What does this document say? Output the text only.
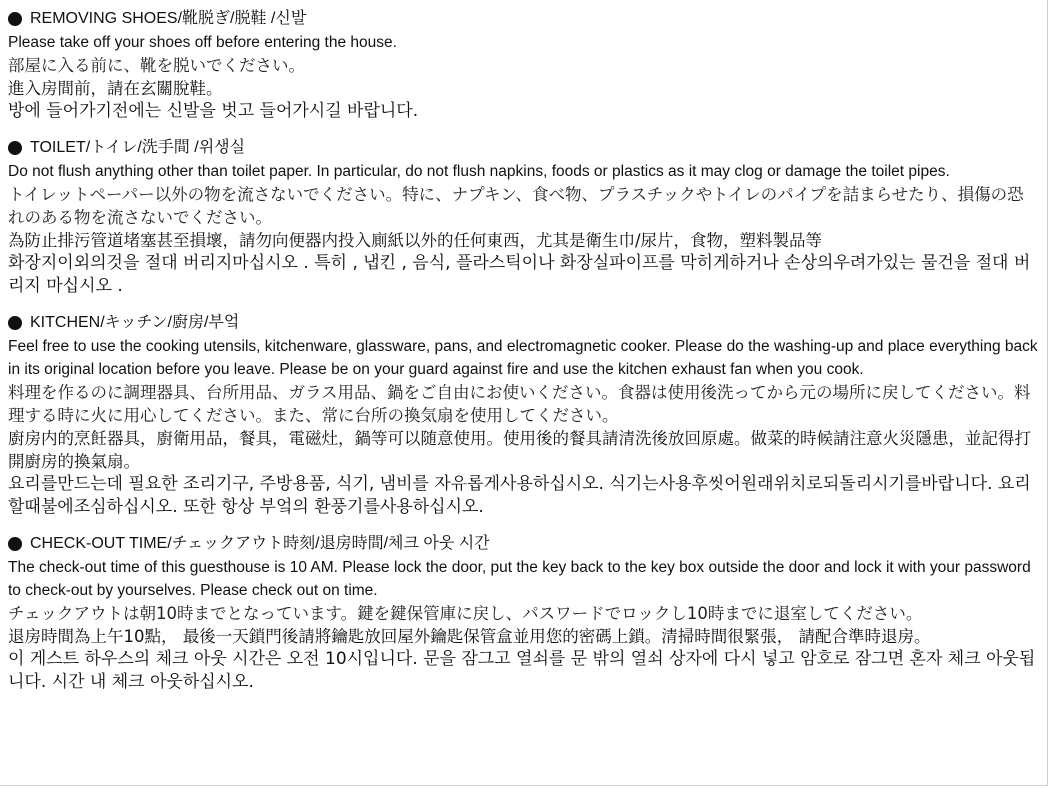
REMOVING SHOES/靴脱ぎ/脱鞋 /신발
Please take off your shoes off before entering the house.
部屋に入る前に、靴を脱いでください。
進入房間前，請在玄關脫鞋。
방에 들어가기전에는 신발을 벗고 들어가시길 바랍니다.
TOILET/トイレ/洗手間 /위생실
Do not flush anything other than toilet paper. In particular, do not flush napkins, foods or plastics as it may clog or damage the toilet pipes.
トイレットペーパー以外の物を流さないでください。特に、ナプキン、食べ物、プラスチックやトイレのパイプを詰まらせたり、損傷の恐れのある物を流さないでください。
為防止排污管道堵塞甚至損壞，請勿向便器内投入廁紙以外的任何東西，尤其是衛生巾/尿片，食物，塑料製品等
화장지이외의것을 절대 버리지마십시오 . 특히 , 냅킨 , 음식, 플라스틱이나 화장실파이프를 막히게하거나 손상의우려가있는 물건을 절대 버리지 마십시오 .
KITCHEN/キッチン/廚房/부엌
Feel free to use the cooking utensils, kitchenware, glassware, pans, and electromagnetic cooker. Please do the washing-up and place everything back in its original location before you leave. Please be on your guard against fire and use the kitchen exhaust fan when you cook.
料理を作るのに調理器具、台所用品、ガラス用品、鍋をご自由にお使いください。食器は使用後洗ってから元の場所に戻してください。料理する時に火に用心してください。また、常に台所の換気扇を使用してください。
廚房内的烹飪器具，廚衛用品，餐具，電磁灶，鍋等可以随意使用。使用後的餐具請清洗後放回原處。做菜的時候請注意火災隱患，並記得打開廚房的換氣扇。
요리를만드는데 필요한 조리기구, 주방용품, 식기, 냄비를 자유롭게사용하십시오. 식기는사용후씻어원래위치로되돌리시기를바랍니다. 요리할때불에조심하십시오. 또한 항상 부엌의 환풍기를사용하십시오.
CHECK-OUT TIME/チェックアウト時刻/退房時間/체크 아웃 시간
The check-out time of this guesthouse is 10 AM. Please lock the door, put the key back to the key box outside the door and lock it with your password to check-out by yourselves. Please check out on time.
チェックアウトは朝10時までとなっています。鍵を鍵保管庫に戻し、パスワードでロックし10時までに退室してください。
退房時間為上午10點， 最後一天鎖門後請將鑰匙放回屋外鑰匙保管盒並用您的密碼上鎖。清掃時間很緊張， 請配合準時退房。
이 게스트 하우스의 체크 아웃 시간은 오전 10시입니다. 문을 잠그고 열쇠를 문 밖의 열쇠 상자에 다시 넣고 암호로 잠그면 혼자 체크 아웃됩니다. 시간 내 체크 아웃하십시오.
